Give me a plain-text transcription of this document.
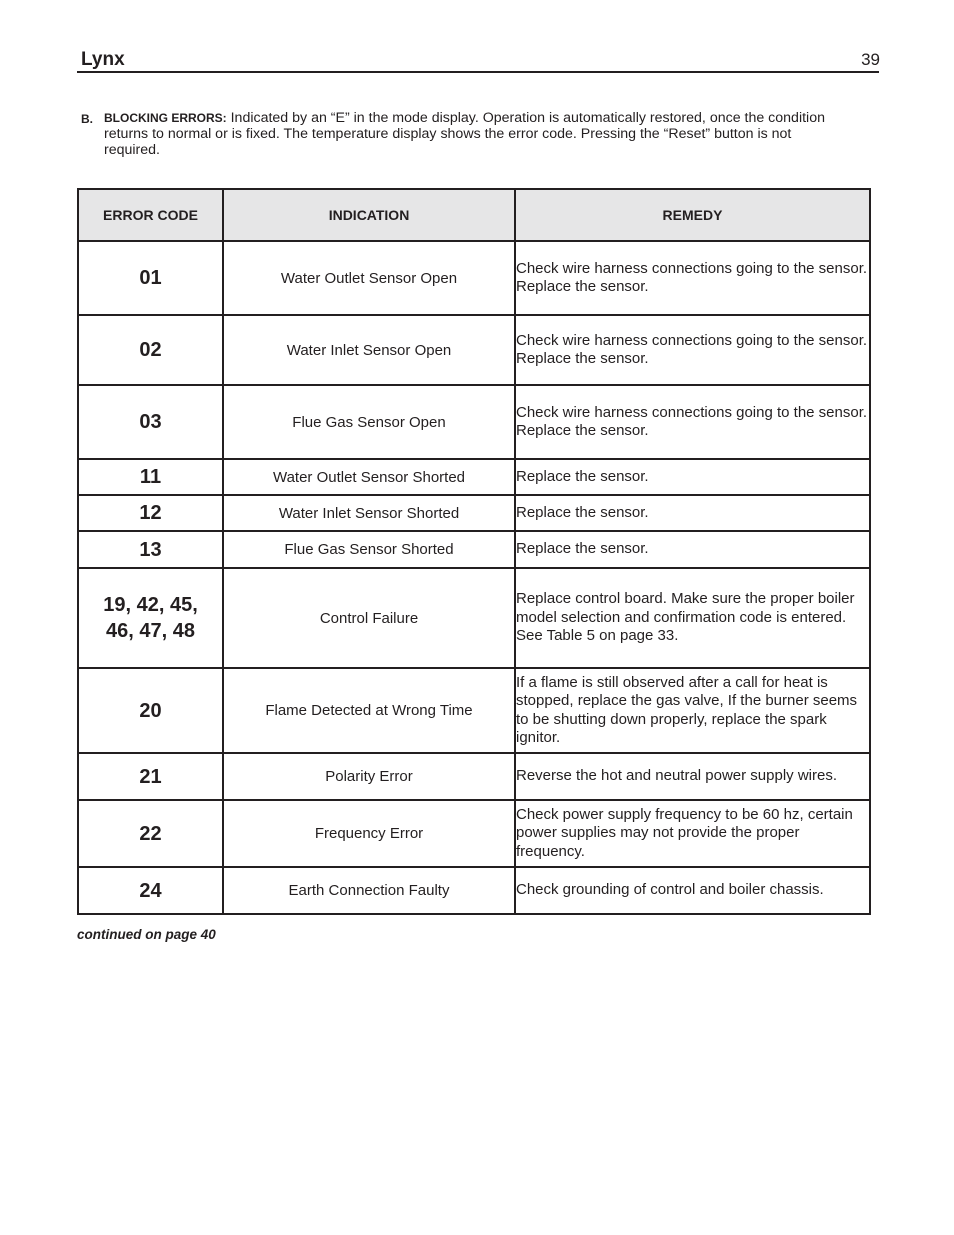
Lynx	39
B. BLOCKING ERRORS: Indicated by an “E” in the mode display. Operation is automatically restored, once the condition returns to normal or is fixed. The temperature display shows the error code. Pressing the “Reset” button is not required.
ERROR CODE	INDICATION	REMEDY
01	Water Outlet Sensor Open	Check wire harness connections going to the sensor.
Replace the sensor.

02	Water Inlet Sensor Open	Check wire harness connections going to the sensor.
Replace the sensor.

03	Flue Gas Sensor Open	Check wire harness connections going to the sensor.
Replace the sensor.

11	Water Outlet Sensor Shorted	Replace the sensor.

12	Water Inlet Sensor Shorted	Replace the sensor.

13	Flue Gas Sensor Shorted	Replace the sensor.

19, 42, 45, 46, 47, 48	Control Failure	Replace control board. Make sure the proper boiler model selection and confirmation code is entered. See Table 5 on page 33.

20	Flame Detected at Wrong Time	If a flame is still observed after a call for heat is stopped, replace the gas valve, If the burner seems to be shutting down properly, replace the spark ignitor.

21	Polarity Error	Reverse the hot and neutral power supply wires.

22	Frequency Error	Check power supply frequency to be 60 hz, certain power supplies may not provide the proper frequency.

24	Earth Connection Faulty	Check grounding of control and boiler chassis.
continued on page 40
